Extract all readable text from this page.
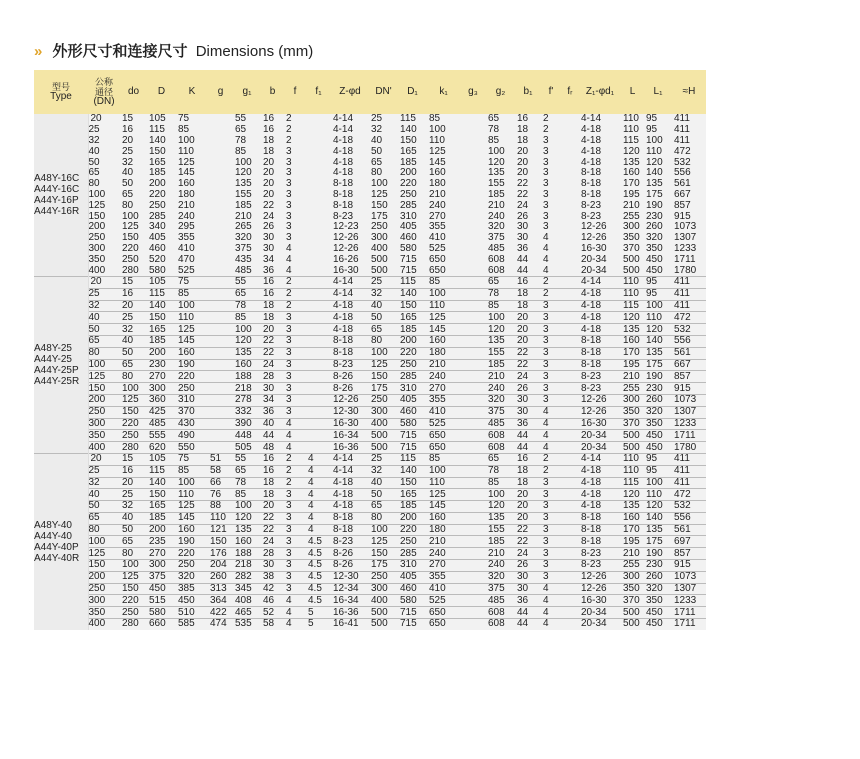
» 外形尺寸和连接尺寸 Dimensions (mm)
型号
Type	公称通径
(DN)	do	D	K	g	g₁	b	f	f₁	Z-φd	DN'	D₁	k₁	g₃	g₂	b₁	f'	fᵣ	Z₁-φd₁	L	L₁	≈H

A48Y-16C
A44Y-16C
A44Y-16P
A44Y-16R	20	15	105	75		55	16	2		4-14	25	115	85		65	16	2		4-14	110	95	411
	25	16	115	85		65	16	2		4-14	32	140	100		78	18	2		4-18	110	95	411
	32	20	140	100		78	18	2		4-18	40	150	110		85	18	3		4-18	115	100	411
	40	25	150	110		85	18	3		4-18	50	165	125		100	20	3		4-18	120	110	472
	50	32	165	125		100	20	3		4-18	65	185	145		120	20	3		4-18	135	120	532
	65	40	185	145		120	20	3		4-18	80	200	160		135	20	3		8-18	160	140	556
	80	50	200	160		135	20	3		8-18	100	220	180		155	22	3		8-18	170	135	561
	100	65	220	180		155	20	3		8-18	125	250	210		185	22	3		8-18	195	175	667
	125	80	250	210		185	22	3		8-18	150	285	240		210	24	3		8-23	210	190	857
	150	100	285	240		210	24	3		8-23	175	310	270		240	26	3		8-23	255	230	915
	200	125	340	295		265	26	3		12-23	250	405	355		320	30	3		12-26	300	260	1073
	250	150	405	355		320	30	3		12-26	300	460	410		375	30	4		12-26	350	320	1307
	300	220	460	410		375	30	4		12-26	400	580	525		485	36	4		16-30	370	350	1233
	350	250	520	470		435	34	4		16-26	500	715	650		608	44	4		20-34	500	450	1711
	400	280	580	525		485	36	4		16-30	500	715	650		608	44	4		20-34	500	450	1780

A48Y-25
A44Y-25
A44Y-25P
A44Y-25R	20	15	105	75		55	16	2		4-14	25	115	85		65	16	2		4-14	110	95	411
	25	16	115	85		65	16	2		4-14	32	140	100		78	18	2		4-18	110	95	411
	32	20	140	100		78	18	2		4-18	40	150	110		85	18	3		4-18	115	100	411
	40	25	150	110		85	18	3		4-18	50	165	125		100	20	3		4-18	120	110	472
	50	32	165	125		100	20	3		4-18	65	185	145		120	20	3		4-18	135	120	532
	65	40	185	145		120	22	3		8-18	80	200	160		135	20	3		8-18	160	140	556
	80	50	200	160		135	22	3		8-18	100	220	180		155	22	3		8-18	170	135	561
	100	65	230	190		160	24	3		8-23	125	250	210		185	22	3		8-18	195	175	667
	125	80	270	220		188	28	3		8-26	150	285	240		210	24	3		8-23	210	190	857
	150	100	300	250		218	30	3		8-26	175	310	270		240	26	3		8-23	255	230	915
	200	125	360	310		278	34	3		12-26	250	405	355		320	30	3		12-26	300	260	1073
	250	150	425	370		332	36	3		12-30	300	460	410		375	30	4		12-26	350	320	1307
	300	220	485	430		390	40	4		16-30	400	580	525		485	36	4		16-30	370	350	1233
	350	250	555	490		448	44	4		16-34	500	715	650		608	44	4		20-34	500	450	1711
	400	280	620	550		505	48	4		16-36	500	715	650		608	44	4		20-34	500	450	1780

A48Y-40
A44Y-40
A44Y-40P
A44Y-40R	20	15	105	75	51	55	16	2	4	4-14	25	115	85		65	16	2		4-14	110	95	411
	25	16	115	85	58	65	16	2	4	4-14	32	140	100		78	18	2		4-18	110	95	411
	32	20	140	100	66	78	18	2	4	4-18	40	150	110		85	18	3		4-18	115	100	411
	40	25	150	110	76	85	18	3	4	4-18	50	165	125		100	20	3		4-18	120	110	472
	50	32	165	125	88	100	20	3	4	4-18	65	185	145		120	20	3		4-18	135	120	532
	65	40	185	145	110	120	22	3	4	8-18	80	200	160		135	20	3		8-18	160	140	556
	80	50	200	160	121	135	22	3	4	8-18	100	220	180		155	22	3		8-18	170	135	561
	100	65	235	190	150	160	24	3	4.5	8-23	125	250	210		185	22	3		8-18	195	175	697
	125	80	270	220	176	188	28	3	4.5	8-26	150	285	240		210	24	3		8-23	210	190	857
	150	100	300	250	204	218	30	3	4.5	8-26	175	310	270		240	26	3		8-23	255	230	915
	200	125	375	320	260	282	38	3	4.5	12-30	250	405	355		320	30	3		12-26	300	260	1073
	250	150	450	385	313	345	42	3	4.5	12-34	300	460	410		375	30	4		12-26	350	320	1307
	300	220	515	450	364	408	46	4	4.5	16-34	400	580	525		485	36	4		16-30	370	350	1233
	350	250	580	510	422	465	52	4	5	16-36	500	715	650		608	44	4		20-34	500	450	1711
	400	280	660	585	474	535	58	4	5	16-41	500	715	650		608	44	4		20-34	500	450	1711
